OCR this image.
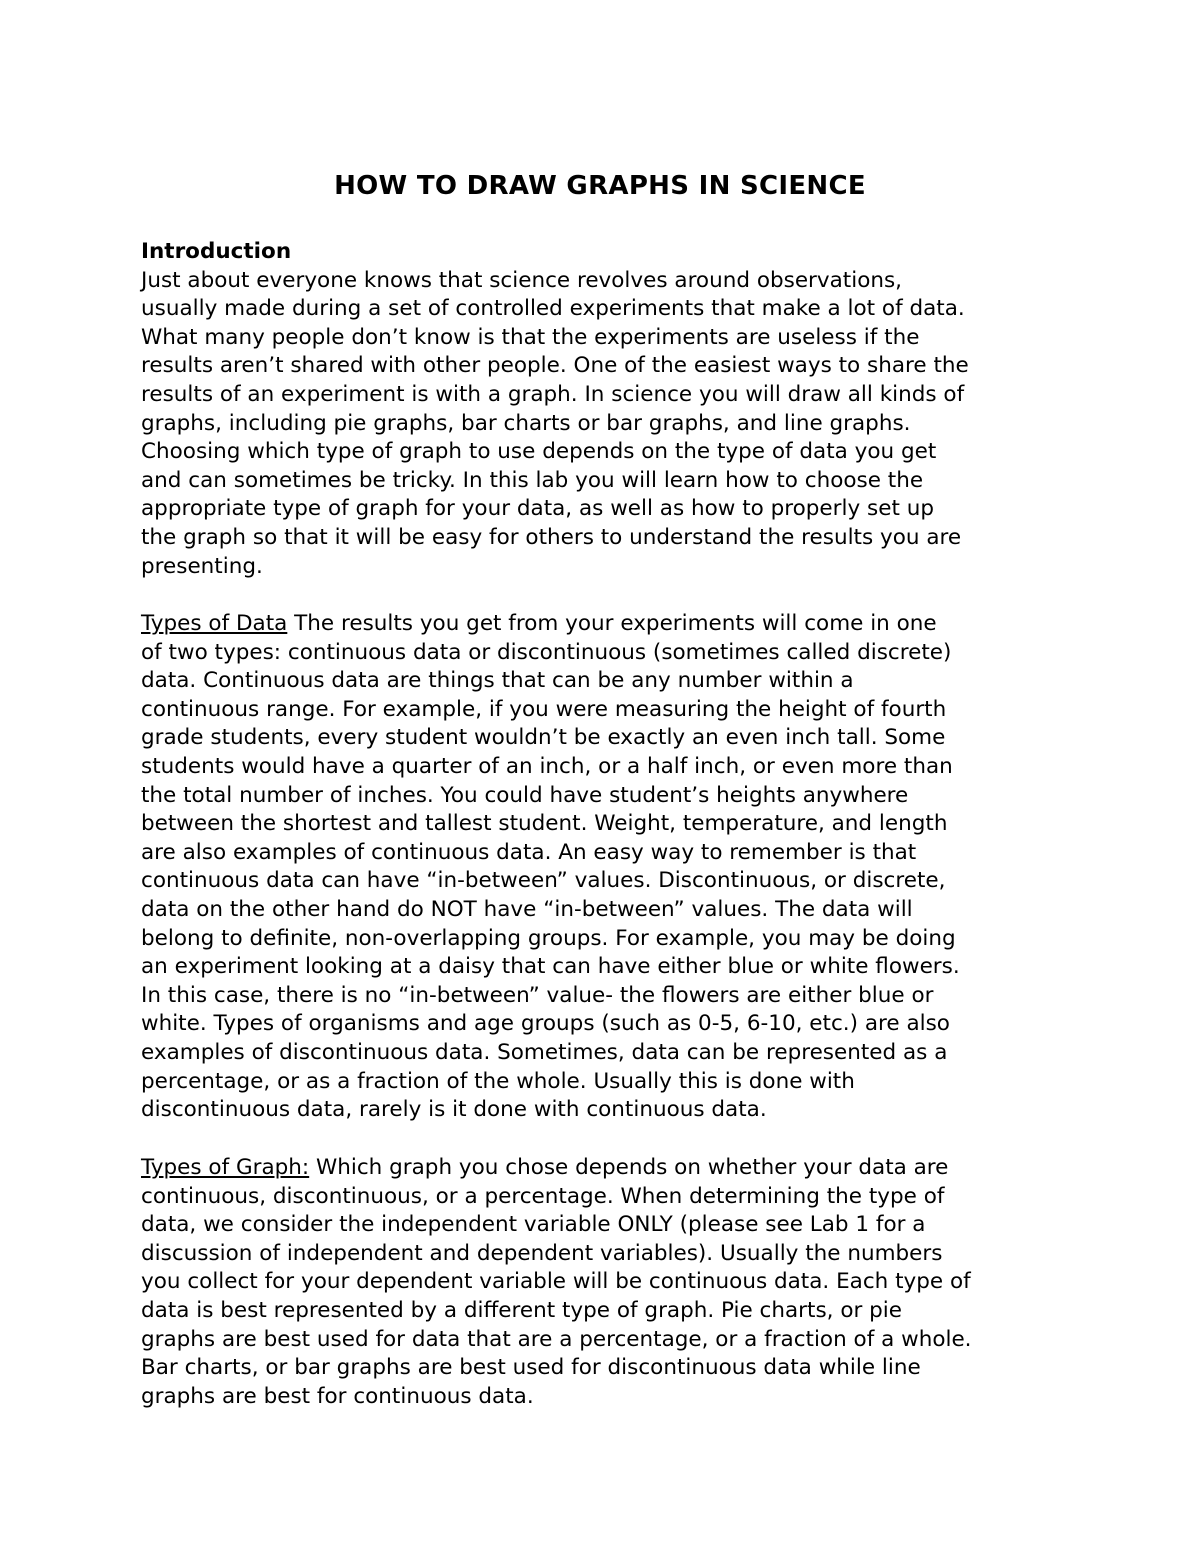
HOW TO DRAW GRAPHS IN SCIENCE
Introduction
Just about everyone knows that science revolves around observations,
usually made during a set of controlled experiments that make a lot of data.
What many people don’t know is that the experiments are useless if the
results aren’t shared with other people. One of the easiest ways to share the
results of an experiment is with a graph. In science you will draw all kinds of
graphs, including pie graphs, bar charts or bar graphs, and line graphs.
Choosing which type of graph to use depends on the type of data you get
and can sometimes be tricky. In this lab you will learn how to choose the
appropriate type of graph for your data, as well as how to properly set up
the graph so that it will be easy for others to understand the results you are
presenting.
Types of Data The results you get from your experiments will come in one
of two types: continuous data or discontinuous (sometimes called discrete)
data. Continuous data are things that can be any number within a
continuous range. For example, if you were measuring the height of fourth
grade students, every student wouldn’t be exactly an even inch tall. Some
students would have a quarter of an inch, or a half inch, or even more than
the total number of inches. You could have student’s heights anywhere
between the shortest and tallest student. Weight, temperature, and length
are also examples of continuous data. An easy way to remember is that
continuous data can have “in-between” values. Discontinuous, or discrete,
data on the other hand do NOT have “in-between” values. The data will
belong to definite, non-overlapping groups. For example, you may be doing
an experiment looking at a daisy that can have either blue or white flowers.
In this case, there is no “in-between” value- the flowers are either blue or
white. Types of organisms and age groups (such as 0-5, 6-10, etc.) are also
examples of discontinuous data. Sometimes, data can be represented as a
percentage, or as a fraction of the whole. Usually this is done with
discontinuous data, rarely is it done with continuous data.
Types of Graph: Which graph you chose depends on whether your data are
continuous, discontinuous, or a percentage. When determining the type of
data, we consider the independent variable ONLY (please see Lab 1 for a
discussion of independent and dependent variables). Usually the numbers
you collect for your dependent variable will be continuous data. Each type of
data is best represented by a different type of graph. Pie charts, or pie
graphs are best used for data that are a percentage, or a fraction of a whole.
Bar charts, or bar graphs are best used for discontinuous data while line
graphs are best for continuous data.
